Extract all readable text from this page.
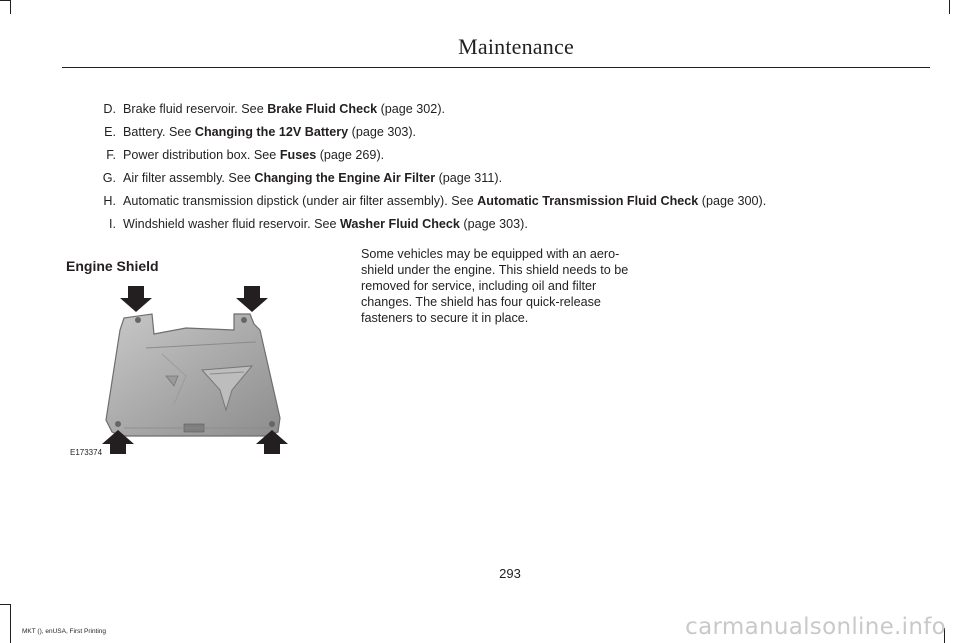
Maintenance
D. Brake fluid reservoir. See Brake Fluid Check (page 302).
E. Battery. See Changing the 12V Battery (page 303).
F. Power distribution box. See Fuses (page 269).
G. Air filter assembly. See Changing the Engine Air Filter (page 311).
H. Automatic transmission dipstick (under air filter assembly). See Automatic Transmission Fluid Check (page 300).
I. Windshield washer fluid reservoir. See Washer Fluid Check (page 303).
Engine Shield
Some vehicles may be equipped with an aero-shield under the engine. This shield needs to be removed for service, including oil and filter changes. The shield has four quick-release fasteners to secure it in place.
E173374
293
MKT (), enUSA, First Printing	carmanualsonline.info
